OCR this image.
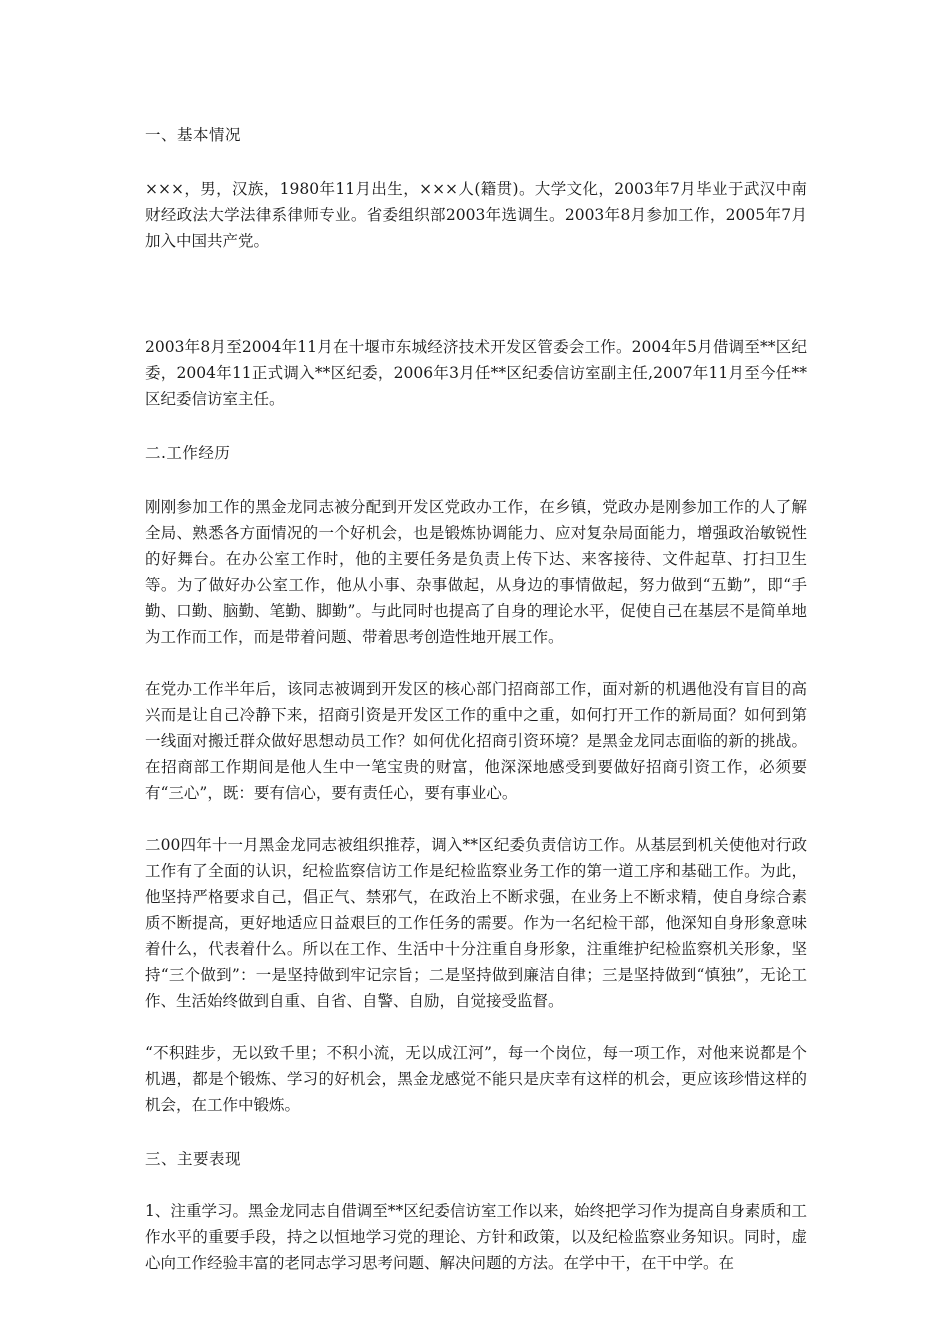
一、基本情况

×××，男，汉族，1980年11月出生，×××人(籍贯)。大学文化，2003年7月毕业于武汉中南财经政法大学法律系律师专业。省委组织部2003年选调生。2003年8月参加工作，2005年7月加入中国共产党。

2003年8月至2004年11月在十堰市东城经济技术开发区管委会工作。2004年5月借调至**区纪委，2004年11正式调入**区纪委，2006年3月任**区纪委信访室副主任,2007年11月至今任**区纪委信访室主任。

二.工作经历

刚刚参加工作的黑金龙同志被分配到开发区党政办工作，在乡镇，党政办是刚参加工作的人了解全局、熟悉各方面情况的一个好机会，也是锻炼协调能力、应对复杂局面能力，增强政治敏锐性的好舞台。在办公室工作时，他的主要任务是负责上传下达、来客接待、文件起草、打扫卫生等。为了做好办公室工作，他从小事、杂事做起，从身边的事情做起，努力做到“五勤”，即“手勤、口勤、脑勤、笔勤、脚勤”。与此同时也提高了自身的理论水平，促使自己在基层不是简单地为工作而工作，而是带着问题、带着思考创造性地开展工作。

在党办工作半年后，该同志被调到开发区的核心部门招商部工作，面对新的机遇他没有盲目的高兴而是让自己冷静下来，招商引资是开发区工作的重中之重，如何打开工作的新局面？如何到第一线面对搬迁群众做好思想动员工作？如何优化招商引资环境？是黑金龙同志面临的新的挑战。在招商部工作期间是他人生中一笔宝贵的财富，他深深地感受到要做好招商引资工作，必须要有“三心”，既：要有信心，要有责任心，要有事业心。

二00四年十一月黑金龙同志被组织推荐，调入**区纪委负责信访工作。从基层到机关使他对行政工作有了全面的认识，纪检监察信访工作是纪检监察业务工作的第一道工序和基础工作。为此，他坚持严格要求自己，倡正气、禁邪气，在政治上不断求强，在业务上不断求精，使自身综合素质不断提高，更好地适应日益艰巨的工作任务的需要。作为一名纪检干部，他深知自身形象意味着什么，代表着什么。所以在工作、生活中十分注重自身形象，注重维护纪检监察机关形象，坚持“三个做到”：一是坚持做到牢记宗旨；二是坚持做到廉洁自律；三是坚持做到“慎独”，无论工作、生活始终做到自重、自省、自警、自励，自觉接受监督。

“不积跬步，无以致千里；不积小流，无以成江河”，每一个岗位，每一项工作，对他来说都是个机遇，都是个锻炼、学习的好机会，黑金龙感觉不能只是庆幸有这样的机会，更应该珍惜这样的机会，在工作中锻炼。

三、主要表现

1、注重学习。黑金龙同志自借调至**区纪委信访室工作以来，始终把学习作为提高自身素质和工作水平的重要手段，持之以恒地学习党的理论、方针和政策，以及纪检监察业务知识。同时，虚心向工作经验丰富的老同志学习思考问题、解决问题的方法。在学中干，在干中学。在
